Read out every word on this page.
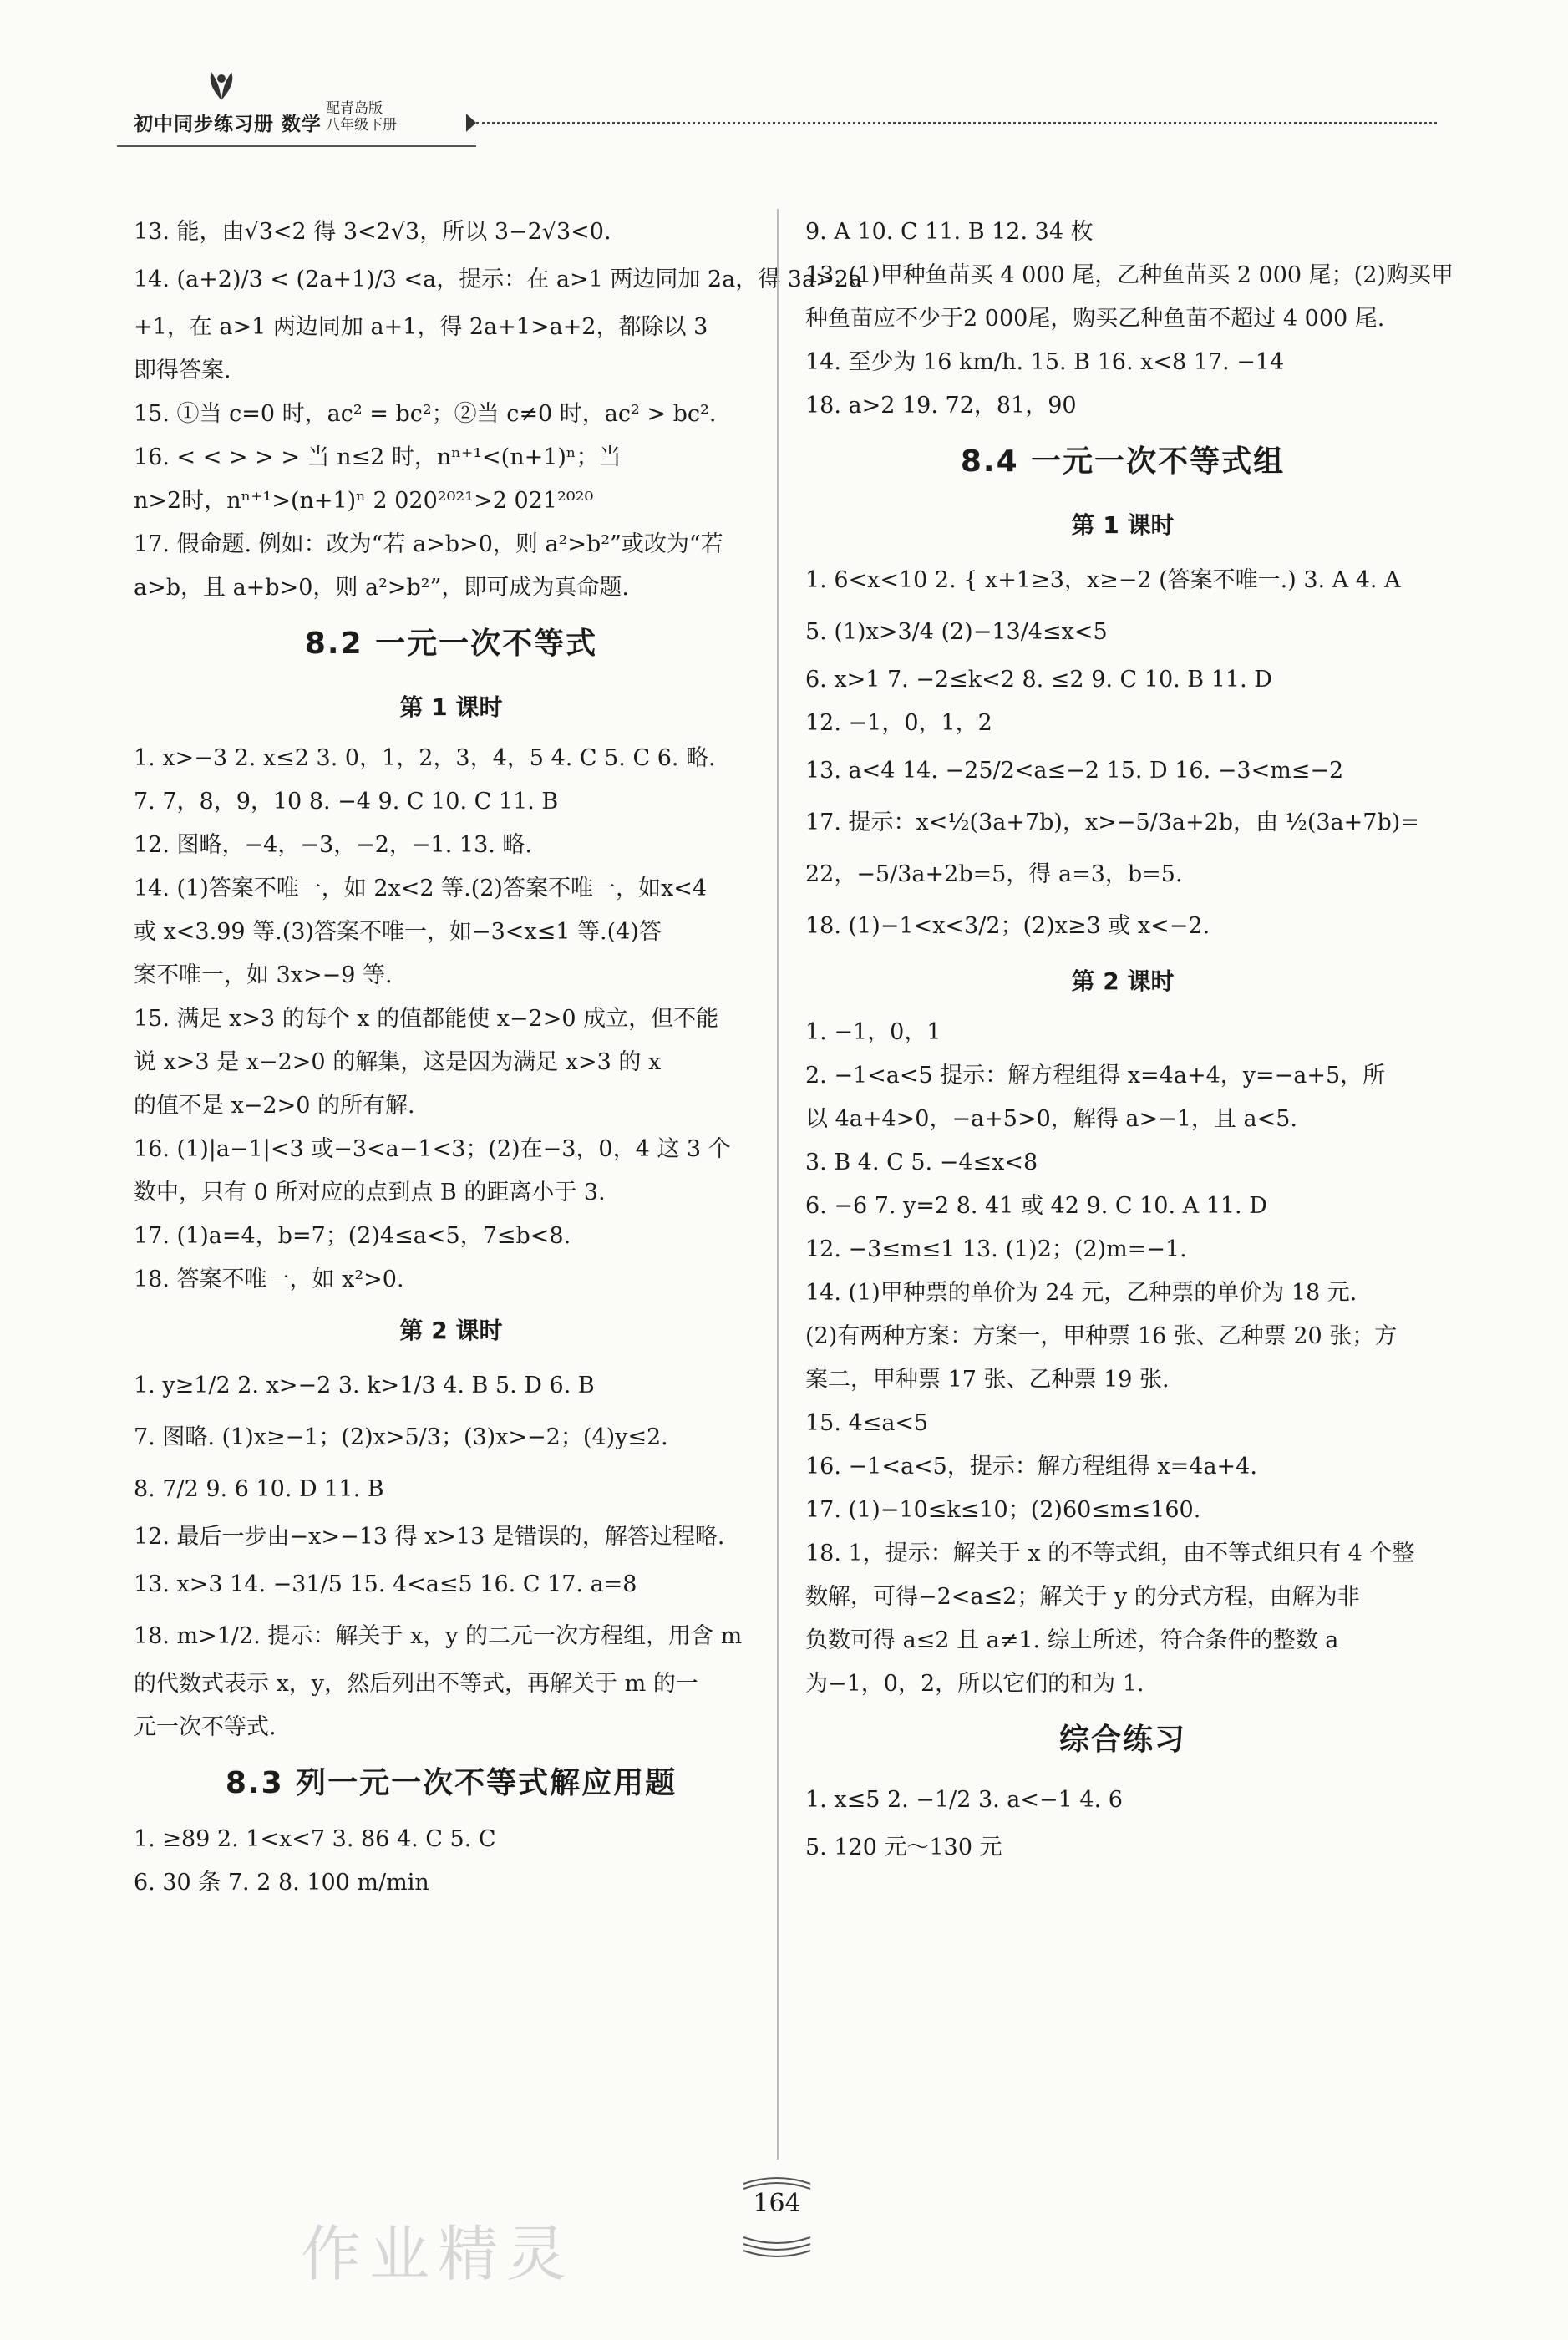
初中同步练习册 数学
配青岛版
八年级下册
13. 能，由√3<2 得 3<2√3，所以 3−2√3<0.
14. (a+2)/3 < (2a+1)/3 <a，提示：在 a>1 两边同加 2a，得 3a>2a
+1，在 a>1 两边同加 a+1，得 2a+1>a+2，都除以 3
即得答案.
15. ①当 c=0 时，ac² = bc²；②当 c≠0 时，ac² > bc².
16. < < > > > 当 n≤2 时，nⁿ⁺¹<(n+1)ⁿ；当
n>2时，nⁿ⁺¹>(n+1)ⁿ 2 020²⁰²¹>2 021²⁰²⁰
17. 假命题. 例如：改为“若 a>b>0，则 a²>b²”或改为“若
a>b，且 a+b>0，则 a²>b²”，即可成为真命题.
8.2 一元一次不等式
第 1 课时
1. x>−3 2. x≤2 3. 0，1，2，3，4，5 4. C 5. C 6. 略.
7. 7，8，9，10 8. −4 9. C 10. C 11. B
12. 图略，−4，−3，−2，−1. 13. 略.
14. (1)答案不唯一，如 2x<2 等.(2)答案不唯一，如x<4
或 x<3.99 等.(3)答案不唯一，如−3<x≤1 等.(4)答
案不唯一，如 3x>−9 等.
15. 满足 x>3 的每个 x 的值都能使 x−2>0 成立，但不能
说 x>3 是 x−2>0 的解集，这是因为满足 x>3 的 x
的值不是 x−2>0 的所有解.
16. (1)|a−1|<3 或−3<a−1<3；(2)在−3，0，4 这 3 个
数中，只有 0 所对应的点到点 B 的距离小于 3.
17. (1)a=4，b=7；(2)4≤a<5，7≤b<8.
18. 答案不唯一，如 x²>0.
第 2 课时
1. y≥1/2 2. x>−2 3. k>1/3 4. B 5. D 6. B
7. 图略. (1)x≥−1；(2)x>5/3；(3)x>−2；(4)y≤2.
8. 7/2 9. 6 10. D 11. B
12. 最后一步由−x>−13 得 x>13 是错误的，解答过程略.
13. x>3 14. −31/5 15. 4<a≤5 16. C 17. a=8
18. m>1/2. 提示：解关于 x，y 的二元一次方程组，用含 m
的代数式表示 x，y，然后列出不等式，再解关于 m 的一
元一次不等式.
8.3 列一元一次不等式解应用题
1. ≥89 2. 1<x<7 3. 86 4. C 5. C
6. 30 条 7. 2 8. 100 m/min
9. A 10. C 11. B 12. 34 枚
13. (1)甲种鱼苗买 4 000 尾，乙种鱼苗买 2 000 尾；(2)购买甲
种鱼苗应不少于2 000尾，购买乙种鱼苗不超过 4 000 尾.
14. 至少为 16 km/h. 15. B 16. x<8 17. −14
18. a>2 19. 72，81，90
8.4 一元一次不等式组
第 1 课时
1. 6<x<10 2. { x+1≥3，x≥−2 (答案不唯一.) 3. A 4. A
5. (1)x>3/4 (2)−13/4≤x<5
6. x>1 7. −2≤k<2 8. ≤2 9. C 10. B 11. D
12. −1，0，1，2
13. a<4 14. −25/2<a≤−2 15. D 16. −3<m≤−2
17. 提示：x<½(3a+7b)，x>−5/3a+2b，由 ½(3a+7b)=
22，−5/3a+2b=5，得 a=3，b=5.
18. (1)−1<x<3/2；(2)x≥3 或 x<−2.
第 2 课时
1. −1，0，1
2. −1<a<5 提示：解方程组得 x=4a+4，y=−a+5，所
以 4a+4>0，−a+5>0，解得 a>−1，且 a<5.
3. B 4. C 5. −4≤x<8
6. −6 7. y=2 8. 41 或 42 9. C 10. A 11. D
12. −3≤m≤1 13. (1)2；(2)m=−1.
14. (1)甲种票的单价为 24 元，乙种票的单价为 18 元.
(2)有两种方案：方案一，甲种票 16 张、乙种票 20 张；方
案二，甲种票 17 张、乙种票 19 张.
15. 4≤a<5
16. −1<a<5，提示：解方程组得 x=4a+4.
17. (1)−10≤k≤10；(2)60≤m≤160.
18. 1，提示：解关于 x 的不等式组，由不等式组只有 4 个整
数解，可得−2<a≤2；解关于 y 的分式方程，由解为非
负数可得 a≤2 且 a≠1. 综上所述，符合条件的整数 a
为−1，0，2，所以它们的和为 1.
综合练习
1. x≤5 2. −1/2 3. a<−1 4. 6
5. 120 元～130 元
作业精灵
164
